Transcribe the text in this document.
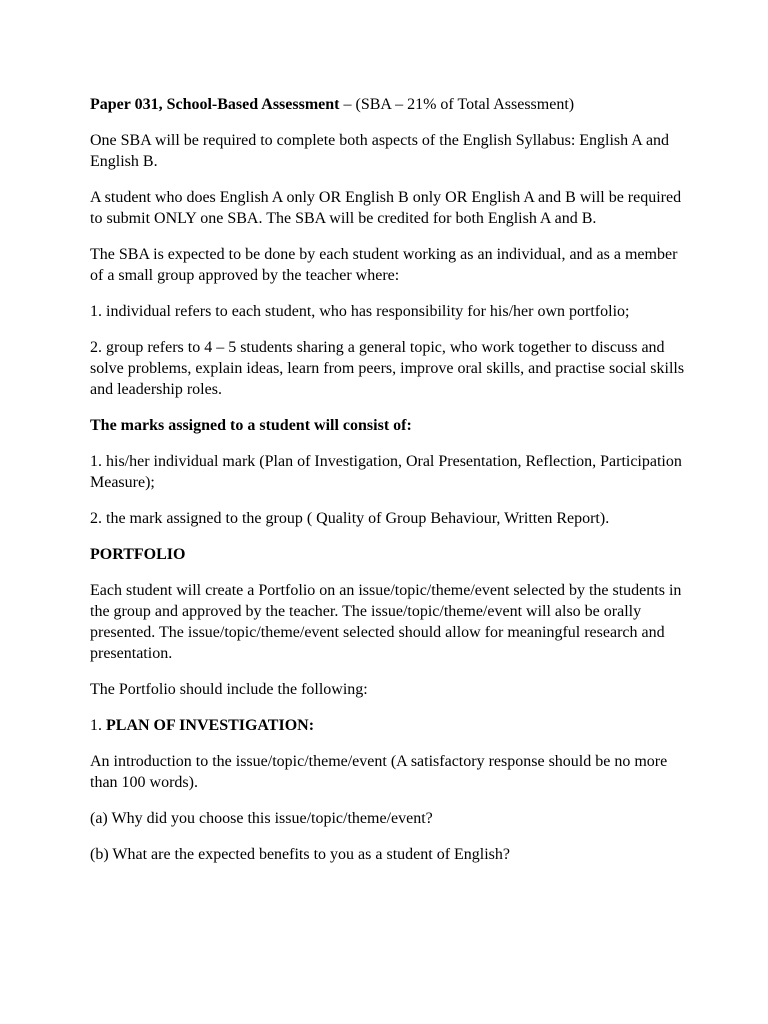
Paper 031, School-Based Assessment – (SBA – 21% of Total Assessment)

One SBA will be required to complete both aspects of the English Syllabus: English A and English B.

A student who does English A only OR English B only OR English A and B will be required to submit ONLY one SBA. The SBA will be credited for both English A and B.

The SBA is expected to be done by each student working as an individual, and as a member of a small group approved by the teacher where:

1. individual refers to each student, who has responsibility for his/her own portfolio;

2. group refers to 4 – 5 students sharing a general topic, who work together to discuss and solve problems, explain ideas, learn from peers, improve oral skills, and practise social skills and leadership roles.

The marks assigned to a student will consist of:

1. his/her individual mark (Plan of Investigation, Oral Presentation, Reflection, Participation Measure);

2. the mark assigned to the group ( Quality of Group Behaviour, Written Report).

PORTFOLIO

Each student will create a Portfolio on an issue/topic/theme/event selected by the students in the group and approved by the teacher. The issue/topic/theme/event will also be orally presented. The issue/topic/theme/event selected should allow for meaningful research and presentation.

The Portfolio should include the following:

1. PLAN OF INVESTIGATION:

An introduction to the issue/topic/theme/event (A satisfactory response should be no more than 100 words).

(a) Why did you choose this issue/topic/theme/event?

(b) What are the expected benefits to you as a student of English?
